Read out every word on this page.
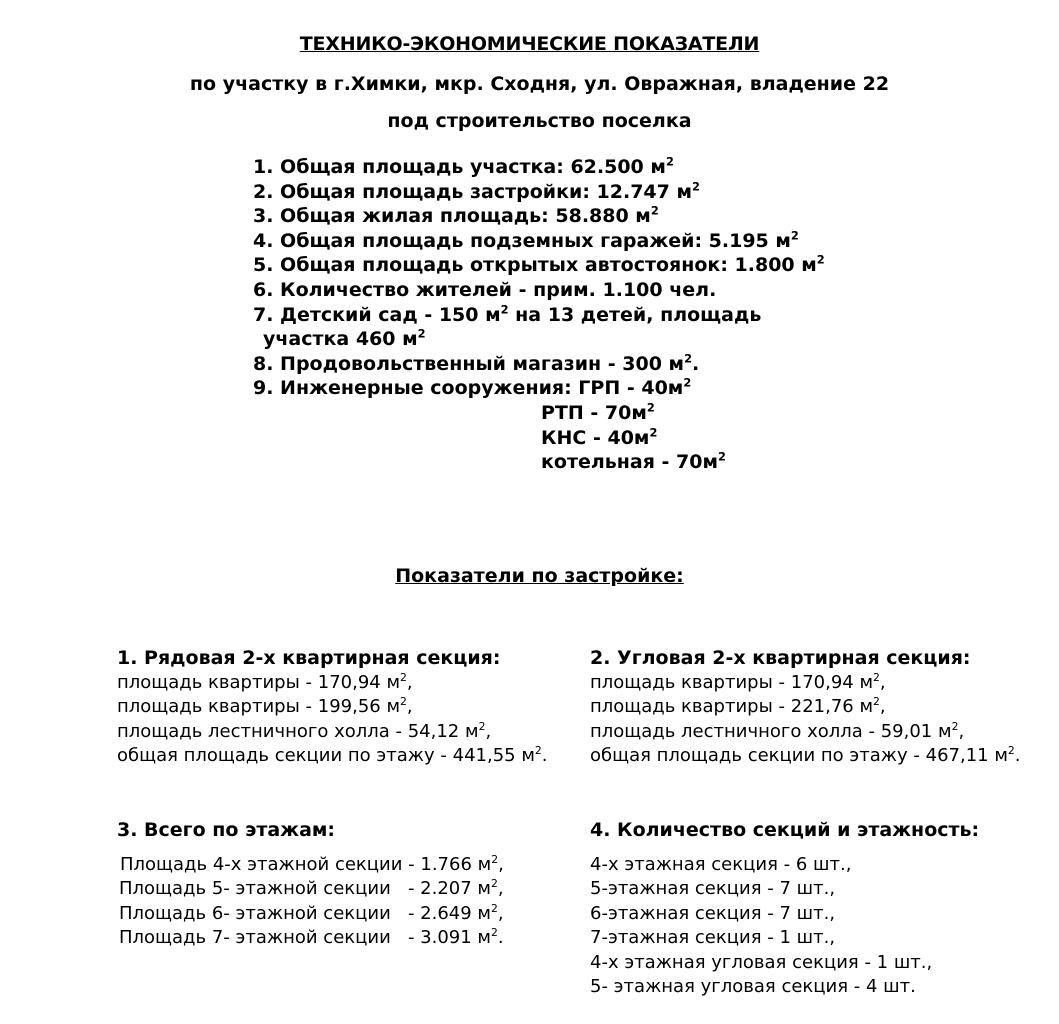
ТЕХНИКО-ЭКОНОМИЧЕСКИЕ ПОКАЗАТЕЛИ
по участку в г.Химки, мкр. Сходня, ул. Овражная, владение 22
под строительство поселка
1. Общая площадь участка: 62.500 $м^2$
2. Общая площадь застройки: 12.747 $м^2$
3. Общая жилая площадь: 58.880 $м^2$
4. Общая площадь подземных гаражей: 5.195 $м^2$
5. Общая площадь открытых автостоянок: 1.800 $м^2$
6. Количество жителей - прим. 1.100 чел.
7. Детский сад - 150 $м^2$ на 13 детей, площадь
участка 460 $м^2$
8. Продовольственный магазин - 300 $м^2$.
9. Инженерные сооружения: ГРП - $40м^2$
РТП - $70м^2$
КНС - $40м^2$
котельная - $70м^2$
Показатели по застройке:
1. Рядовая 2-х квартирная секция:
площадь квартиры - 170,94 $м^2$,
площадь квартиры - 199,56 $м^2$,
площадь лестничного холла - 54,12 $м^2$,
общая площадь секции по этажу - 441,55 $м^2$.
2. Угловая 2-х квартирная секция:
площадь квартиры - 170,94 $м^2$,
площадь квартиры - 221,76 $м^2$,
площадь лестничного холла - 59,01 $м^2$,
общая площадь секции по этажу - 467,11 $м^2$.
3. Всего по этажам:
Площадь 4-х этажной секции - 1.766 $м^2$,
Площадь 5- этажной секции   - 2.207 $м^2$,
Площадь 6- этажной секции   - 2.649 $м^2$,
Площадь 7- этажной секции   - 3.091 $м^2$.
4. Количество секций и этажность:
4-х этажная секция - 6 шт.,
5-этажная секция - 7 шт.,
6-этажная секция - 7 шт.,
7-этажная секция - 1 шт.,
4-х этажная угловая секция - 1 шт.,
5- этажная угловая секция - 4 шт.
